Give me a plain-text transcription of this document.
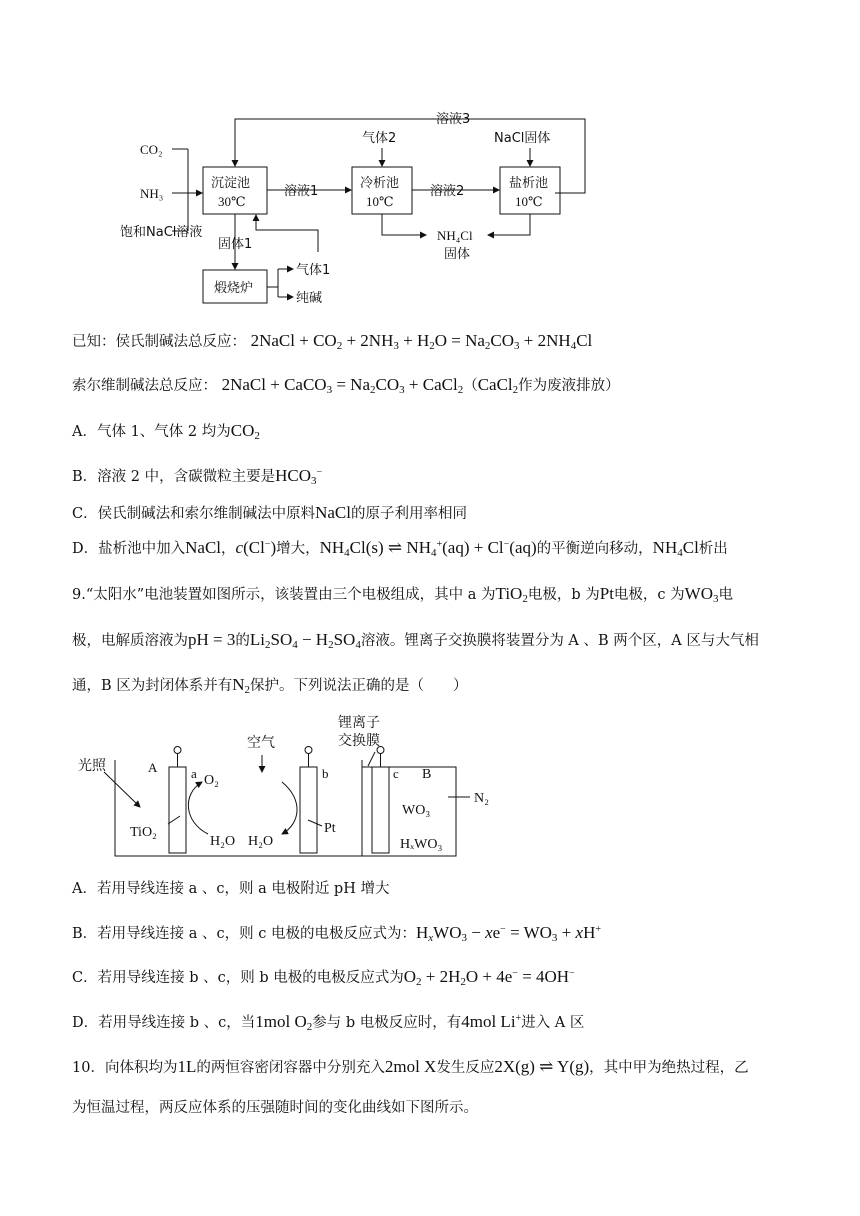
溶液3
CO₂
NH₃
饱和NaCl溶液
沉淀池
30℃
溶液1
气体2
冷析池
10℃
溶液2
NaCl固体
盐析池
10℃
固体1
NH₄Cl
固体
煅烧炉
气体1
纯碱
已知：侯氏制碱法总反应： 2NaCl + $CO_2 + 2NH_3 + H_2O = Na_2CO_3 + 2NH_4Cl$
索尔维制碱法总反应： 2NaCl + CaCO$_3$ = $Na_2CO_3$ + CaCl$_2$（CaCl$_2$作为废液排放）
A．气体 1、气体 2 均为$CO_2$
B．溶液 2 中，含碳微粒主要是$HCO_3^-$
C．侯氏制碱法和索尔维制碱法中原料NaCl的原子利用率相同
D．盐析池中加入NaCl，c(Cl−)增大，$NH_4Cl(s)$ ⇌ $NH_4^+(aq) + Cl^-(aq)$的平衡逆向移动，$NH_4Cl$析出
9.“太阳水”电池装置如图所示，该装置由三个电极组成，其中 a 为TiO$_2$电极，b 为Pt电极，c 为$WO_3$电
极，电解质溶液为pH = 3的$Li_2SO_4 - H_2SO_4$溶液。锂离子交换膜将装置分为 A 、B 两个区，A 区与大气相
通，B 区为封闭体系并有$N_2$保护。下列说法正确的是（　　）
光照	A	a O₂
TiO₂
H₂O
空气
b
H₂O
Pt
锂离子
交换膜
c B
WO₃
N₂
HₓWO₃
A．若用导线连接 a 、c，则 a 电极附近 pH 增大
B．若用导线连接 a 、c，则 c 电极的电极反应式为：$H_xWO_3 - xe^- = WO_3 + xH^+$
C．若用导线连接 b 、c，则 b 电极的电极反应式为$O_2 + 2H_2O + 4e^- = 4OH^-$
D．若用导线连接 b 、c，当1mol $O_2$参与 b 电极反应时，有4mol Li+进入 A 区
10．向体积均为1L的两恒容密闭容器中分别充入2mol X发生反应2X(g) ⇌ Y(g)，其中甲为绝热过程，乙
为恒温过程，两反应体系的压强随时间的变化曲线如下图所示。
